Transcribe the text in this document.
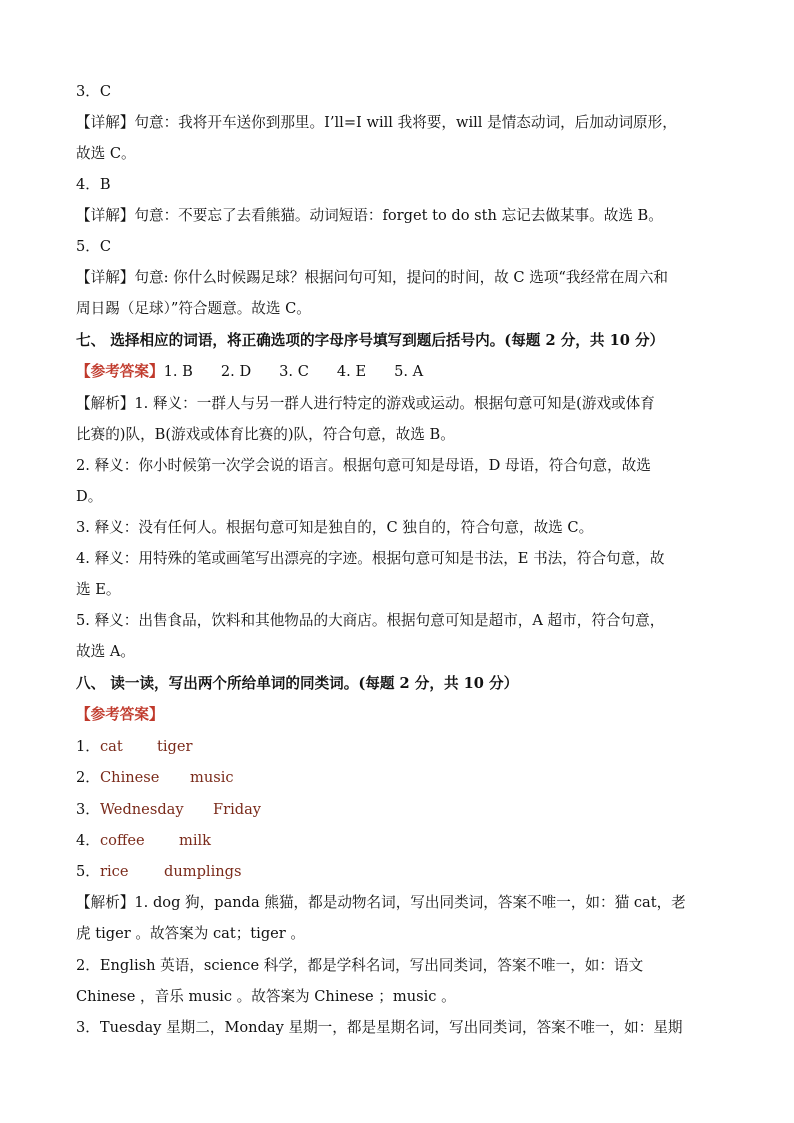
3．C
【详解】句意：我将开车送你到那里。I’ll=I will 我将要，will 是情态动词，后加动词原形，
故选 C。
4．B
【详解】句意：不要忘了去看熊猫。动词短语：forget to do sth 忘记去做某事。故选 B。
5．C
【详解】句意: 你什么时候踢足球？根据问句可知，提问的时间，故 C 选项“我经常在周六和
周日踢（足球）”符合题意。故选 C。
七、 选择相应的词语，将正确选项的字母序号填写到题后括号内。(每题 2 分，共 10 分）
【参考答案】1. B 2. D 3. C 4. E 5. A
【解析】1. 释义：一群人与另一群人进行特定的游戏或运动。根据句意可知是(游戏或体育
比赛的)队，B(游戏或体育比赛的)队，符合句意，故选 B。
2. 释义：你小时候第一次学会说的语言。根据句意可知是母语，D 母语，符合句意，故选
D。
3. 释义：没有任何人。根据句意可知是独自的，C 独自的，符合句意，故选 C。
4. 释义：用特殊的笔或画笔写出漂亮的字迹。根据句意可知是书法，E 书法，符合句意，故
选 E。
5. 释义：出售食品，饮料和其他物品的大商店。根据句意可知是超市，A 超市，符合句意，
故选 A。
八、 读一读，写出两个所给单词的同类词。(每题 2 分，共 10 分）
【参考答案】
1． cat tiger
2． Chinese music
3． Wednesday Friday
4． coffee milk
5． rice dumplings
【解析】1. dog 狗，panda 熊猫，都是动物名词，写出同类词，答案不唯一，如：猫 cat，老
虎 tiger 。故答案为 cat；tiger 。
2．English 英语，science 科学，都是学科名词，写出同类词，答案不唯一，如：语文
Chinese ，音乐 music 。故答案为 Chinese ；music 。
3．Tuesday 星期二，Monday 星期一，都是星期名词，写出同类词，答案不唯一，如：星期
